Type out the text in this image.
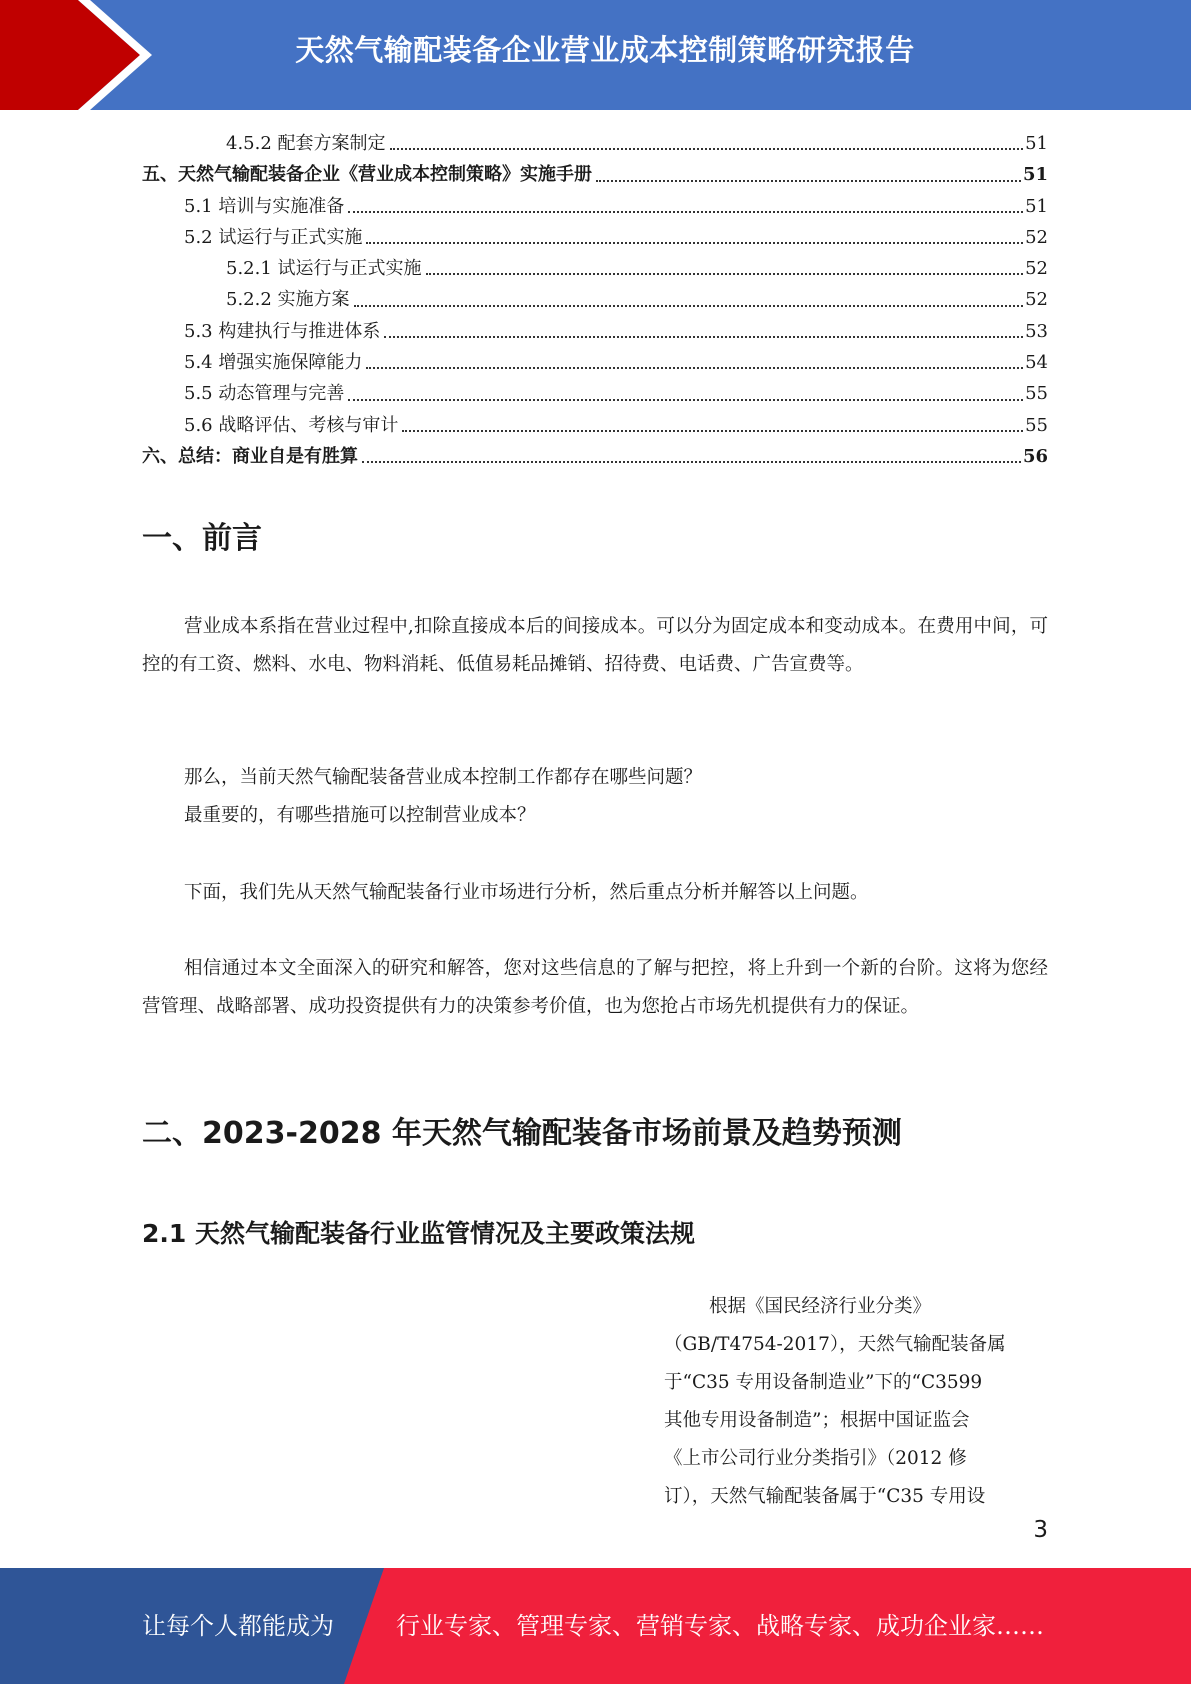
天然气输配装备企业营业成本控制策略研究报告
4.5.2 配套方案制定	51
五、天然气输配装备企业《营业成本控制策略》实施手册	51
5.1 培训与实施准备	51
5.2 试运行与正式实施	52
5.2.1 试运行与正式实施	52
5.2.2 实施方案	52
5.3 构建执行与推进体系	53
5.4 增强实施保障能力	54
5.5 动态管理与完善	55
5.6 战略评估、考核与审计	55
六、总结：商业自是有胜算	56
一、前言

营业成本系指在营业过程中,扣除直接成本后的间接成本。可以分为固定成本和变动成本。在费用中间，可控的有工资、燃料、水电、物料消耗、低值易耗品摊销、招待费、电话费、广告宣费等。

那么，当前天然气输配装备营业成本控制工作都存在哪些问题？

最重要的，有哪些措施可以控制营业成本？

下面，我们先从天然气输配装备行业市场进行分析，然后重点分析并解答以上问题。

相信通过本文全面深入的研究和解答，您对这些信息的了解与把控，将上升到一个新的台阶。这将为您经营管理、战略部署、成功投资提供有力的决策参考价值，也为您抢占市场先机提供有力的保证。

二、2023-2028 年天然气输配装备市场前景及趋势预测
2.1 天然气输配装备行业监管情况及主要政策法规

根据《国民经济行业分类》
（GB/T4754-2017），天然气输配装备属
于“C35 专用设备制造业”下的“C3599
其他专用设备制造”；根据中国证监会
《上市公司行业分类指引》（2012 修
订），天然气输配装备属于“C35 专用设

3
让每个人都能成为	行业专家、管理专家、营销专家、战略专家、成功企业家……
